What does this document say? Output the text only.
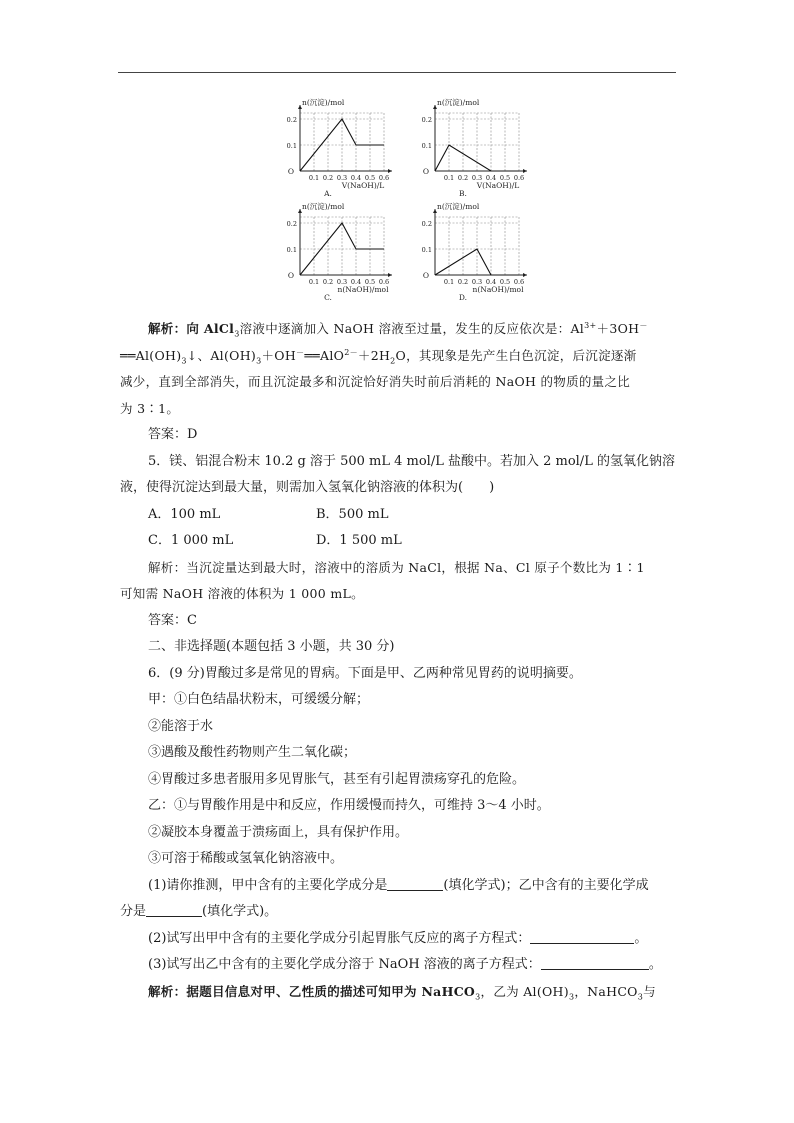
n(沉淀)/mol
0.2
0.1
O
0.1 0.2 0.3 0.4 0.5 0.6
V(NaOH)/L
A.
n(沉淀)/mol
0.2
0.1
O
0.1 0.2 0.3 0.4 0.5 0.6
V(NaOH)/L
B.
n(沉淀)/mol
0.2
0.1
O
0.1 0.2 0.3 0.4 0.5 0.6
n(NaOH)/mol
C.
n(沉淀)/mol
0.2
0.1
O
0.1 0.2 0.3 0.4 0.5 0.6
n(NaOH)/mol
D.

解析：向 AlCl$_3$溶液中逐滴加入 NaOH 溶液至过量，发生的反应依次是：$Al^{3+}+3OH^-$

$══Al(OH)_3↓$、$Al(OH)_3+OH^-══AlO^{2-}+2H_2O$，其现象是先产生白色沉淀，后沉淀逐渐

减少，直到全部消失，而且沉淀最多和沉淀恰好消失时前后消耗的 NaOH 的物质的量之比

为 3∶1。

答案：D

5．镁、铝混合粉末 10.2 g 溶于 500 mL 4 mol/L 盐酸中。若加入 2 mol/L 的氢氧化钠溶

液，使得沉淀达到最大量，则需加入氢氧化钠溶液的体积为(　　)

A．100 mL	B．500 mL

C．1 000 mL	D．1 500 mL

解析：当沉淀量达到最大时，溶液中的溶质为 NaCl，根据 Na、Cl 原子个数比为 1∶1

可知需 NaOH 溶液的体积为 1 000 mL。

答案：C

二、非选择题(本题包括 3 小题，共 30 分)

6．(9 分)胃酸过多是常见的胃病。下面是甲、乙两种常见胃药的说明摘要。

甲：①白色结晶状粉末，可缓缓分解；

②能溶于水

③遇酸及酸性药物则产生二氧化碳；

④胃酸过多患者服用多见胃胀气，甚至有引起胃溃疡穿孔的危险。

乙：①与胃酸作用是中和反应，作用缓慢而持久，可维持 3～4 小时。

②凝胶本身覆盖于溃疡面上，具有保护作用。

③可溶于稀酸或氢氧化钠溶液中。

(1)请你推测，甲中含有的主要化学成分是	(填化学式)；乙中含有的主要化学成

分是	(填化学式)。

(2)试写出甲中含有的主要化学成分引起胃胀气反应的离子方程式：	。

(3)试写出乙中含有的主要化学成分溶于 NaOH 溶液的离子方程式：	。

解析：据题目信息对甲、乙性质的描述可知甲为 NaHCO$_3$，乙为 $Al(OH)_3$，NaHCO$_3$与
